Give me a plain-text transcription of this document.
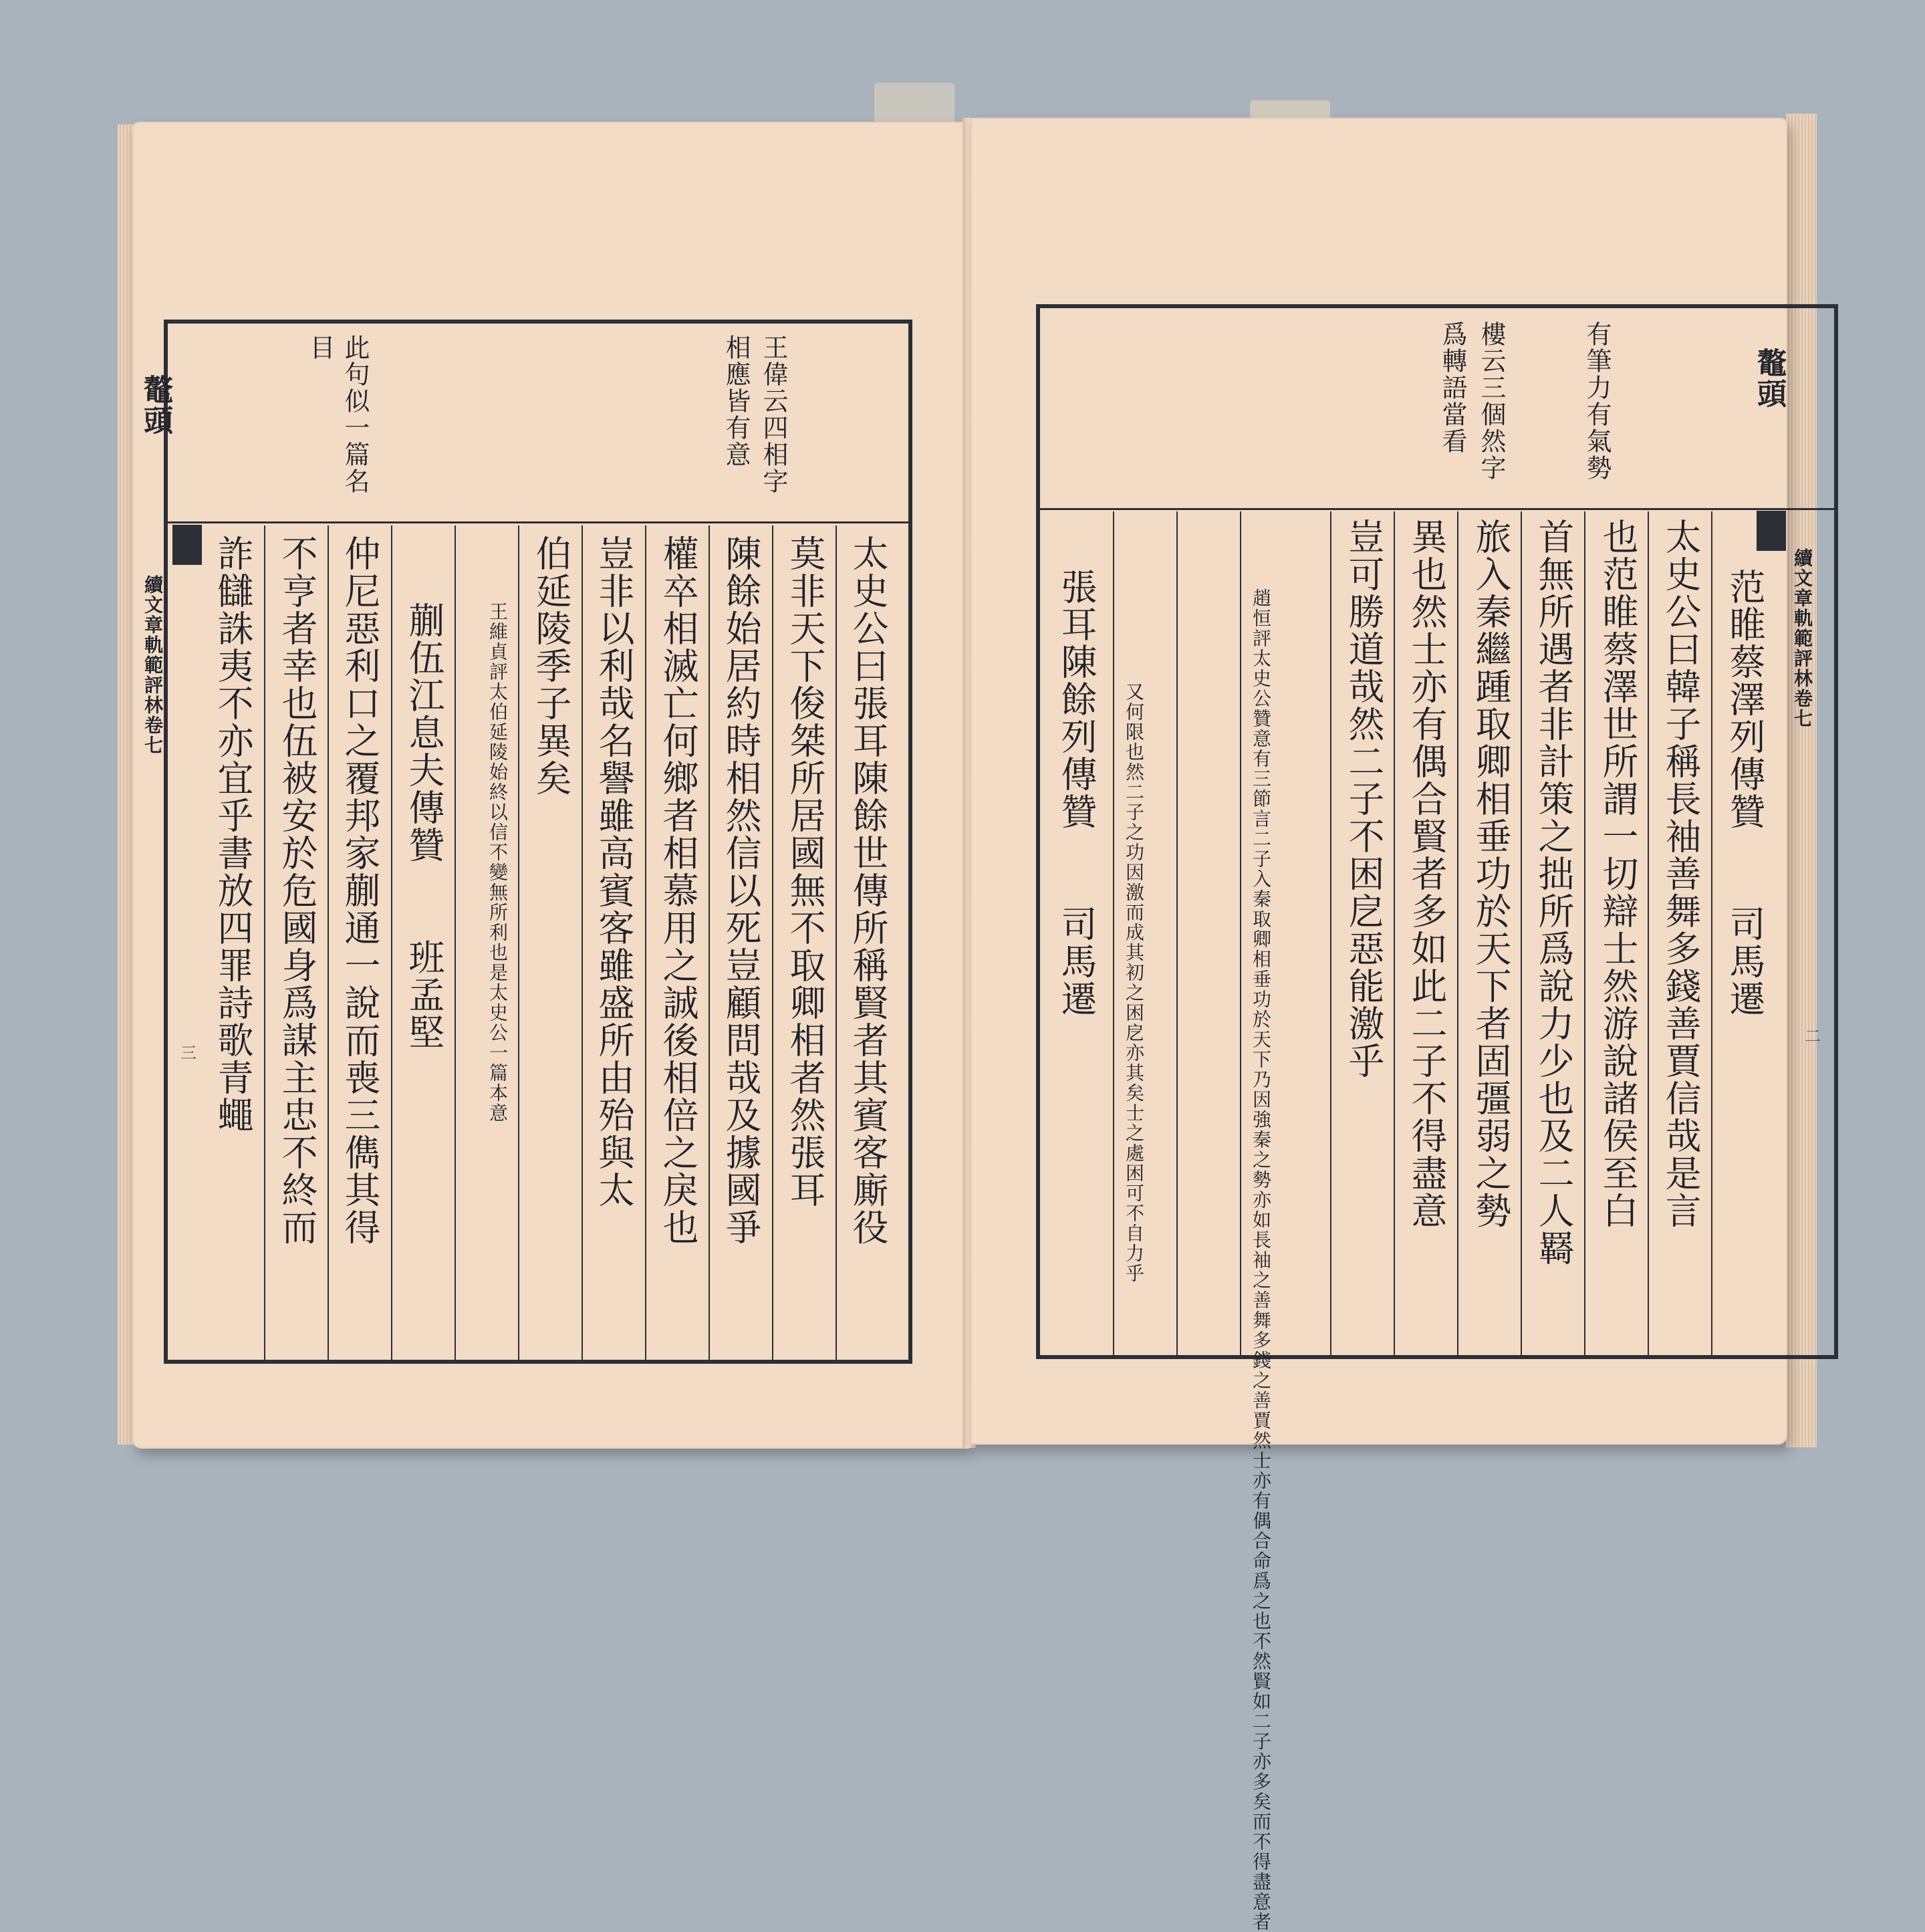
鼇頭
續文章軌範評林卷七
王偉云四相字
相應皆有意
此句似一篇名
目
太史公曰張耳陳餘世傳所稱賢者其賓客廝役
莫非天下俊桀所居國無不取卿相者然張耳
陳餘始居約時相然信以死豈顧問哉及據國爭
權卒相滅亡何鄉者相慕用之誠後相倍之戾也
豈非以利哉名譽雖高賓客雖盛所由殆與太
伯延陵季子異矣
王維貞評太伯延陵始終以信不變無所利也是太史公一篇本意
蒯伍江息夫傳贊　　班孟堅
仲尼惡利口之覆邦家蒯通一說而喪三儁其得
不亨者幸也伍被安於危國身爲謀主忠不終而
詐讎誅夷不亦宜乎書放四罪詩歌青蠅
三
鼇頭
續文章軌範評林卷七
有筆力有氣勢
樓云三個然字
爲轉語當看
范睢蔡澤列傳贊　　司馬遷
太史公曰韓子稱長袖善舞多錢善賈信哉是言
也范睢蔡澤世所謂一切辯士然游說諸侯至白
首無所遇者非計策之拙所爲說力少也及二人羇
旅入秦繼踵取卿相垂功於天下者固彊弱之勢
異也然士亦有偶合賢者多如此二子不得盡意
豈可勝道哉然二子不困戹惡能激乎
趙恒評太史公贊意有三節言二子入秦取卿相垂功於天下乃因強秦之勢亦如長袖之善舞多錢之善賈然士亦有偶合命爲之也不然賢如二子亦多矣而不得盡意者
又何限也然二子之功因激而成其初之困戹亦其矣士之處困可不自力乎
張耳陳餘列傳贊　　司馬遷
二
